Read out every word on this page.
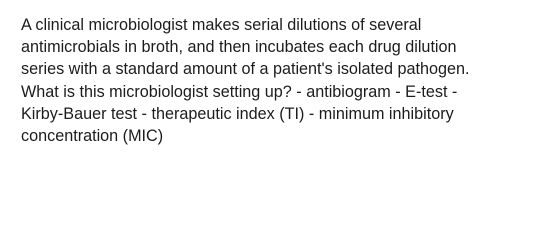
A clinical microbiologist makes serial dilutions of several
antimicrobials in broth, and then incubates each drug dilution
series with a standard amount of a patient's isolated pathogen.
What is this microbiologist setting up? - antibiogram - E-test -
Kirby-Bauer test - therapeutic index (TI) - minimum inhibitory
concentration (MIC)
